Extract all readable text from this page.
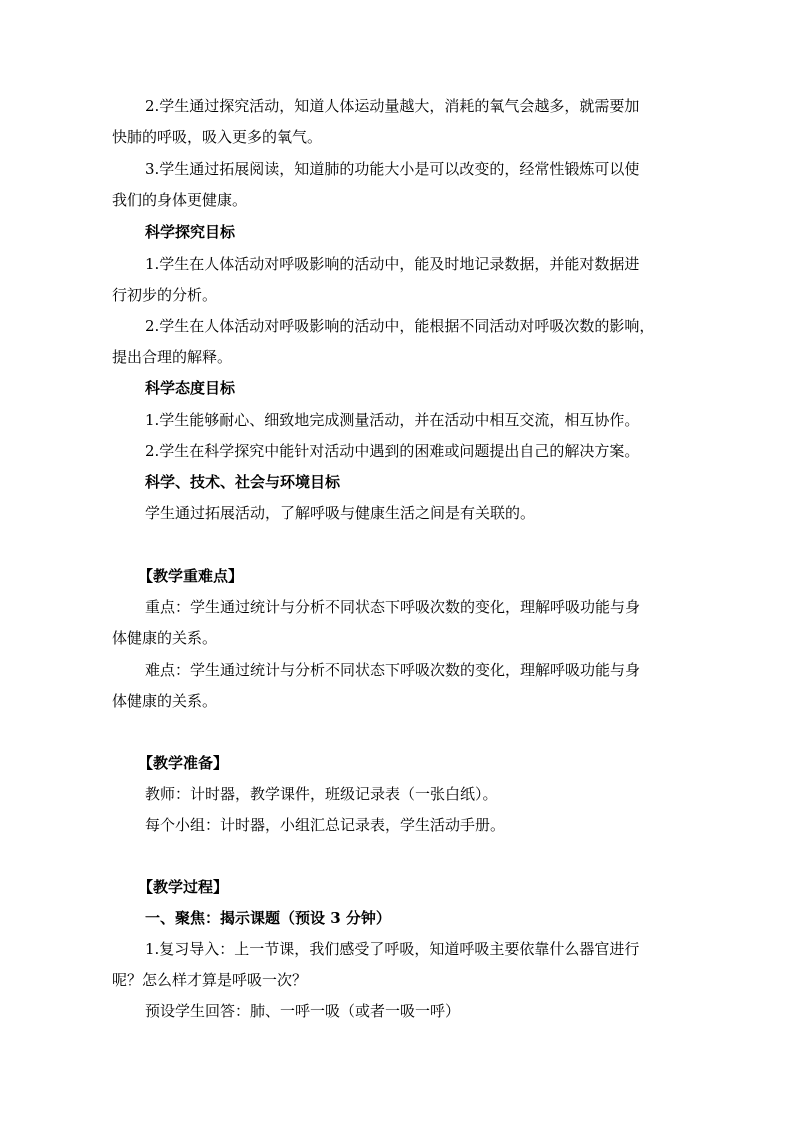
2.学生通过探究活动，知道人体运动量越大，消耗的氧气会越多，就需要加
快肺的呼吸，吸入更多的氧气。
3.学生通过拓展阅读，知道肺的功能大小是可以改变的，经常性锻炼可以使
我们的身体更健康。
科学探究目标
1.学生在人体活动对呼吸影响的活动中，能及时地记录数据，并能对数据进
行初步的分析。
2.学生在人体活动对呼吸影响的活动中，能根据不同活动对呼吸次数的影响，
提出合理的解释。
科学态度目标
1.学生能够耐心、细致地完成测量活动，并在活动中相互交流，相互协作。
2.学生在科学探究中能针对活动中遇到的困难或问题提出自己的解决方案。
科学、技术、社会与环境目标
学生通过拓展活动，了解呼吸与健康生活之间是有关联的。
【教学重难点】
重点：学生通过统计与分析不同状态下呼吸次数的变化，理解呼吸功能与身
体健康的关系。
难点：学生通过统计与分析不同状态下呼吸次数的变化，理解呼吸功能与身
体健康的关系。
【教学准备】
教师：计时器，教学课件，班级记录表（一张白纸）。
每个小组：计时器，小组汇总记录表，学生活动手册。
【教学过程】
一、聚焦：揭示课题（预设 3 分钟）
1.复习导入：上一节课，我们感受了呼吸，知道呼吸主要依靠什么器官进行
呢？怎么样才算是呼吸一次？
预设学生回答：肺、一呼一吸（或者一吸一呼）
